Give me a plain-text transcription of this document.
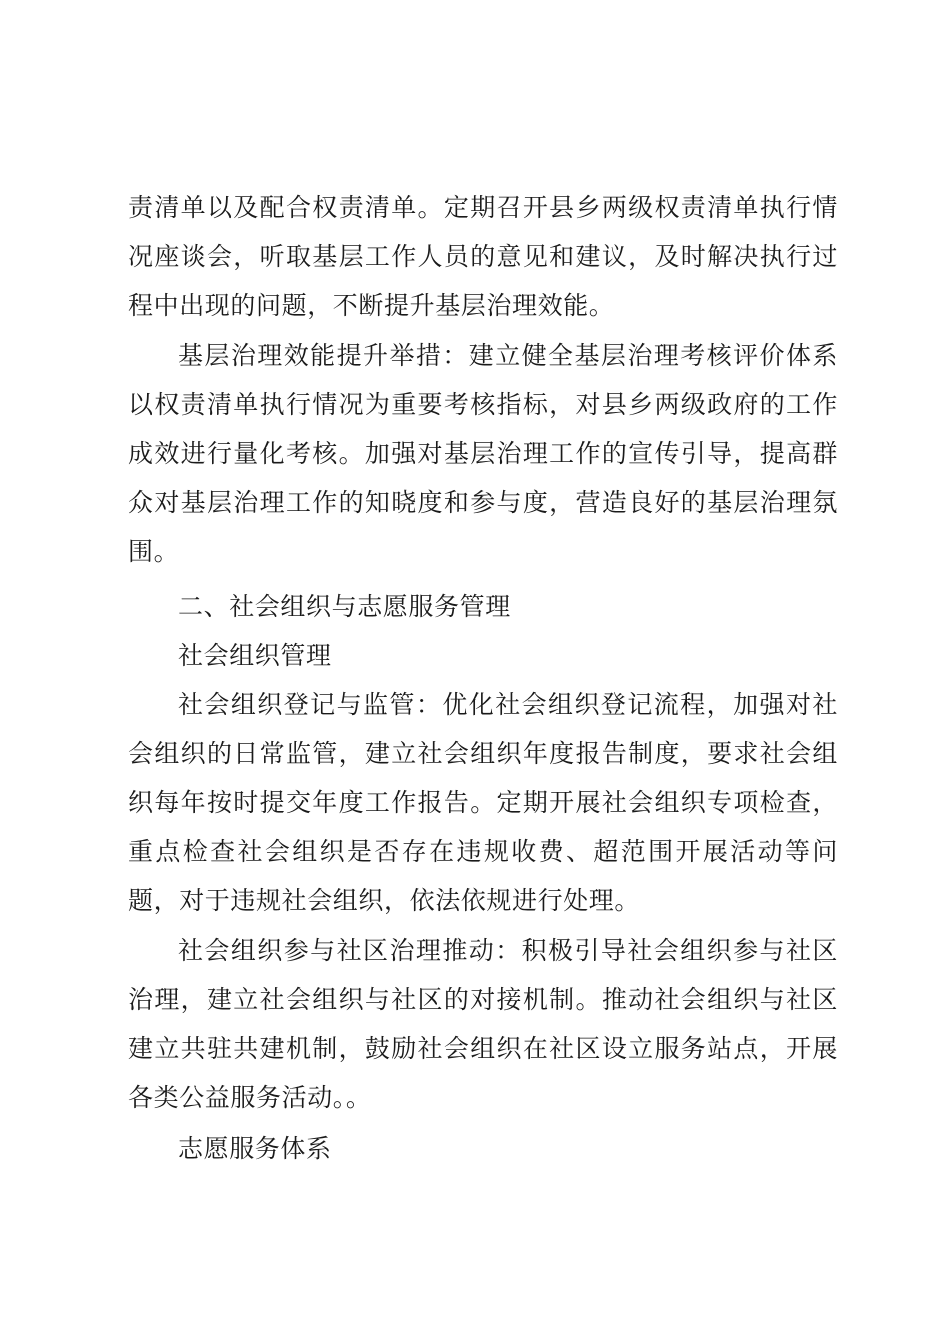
责清单以及配合权责清单。定期召开县乡两级权责清单执行情况座谈会，听取基层工作人员的意见和建议，及时解决执行过程中出现的问题，不断提升基层治理效能。

基层治理效能提升举措：建立健全基层治理考核评价体系以权责清单执行情况为重要考核指标，对县乡两级政府的工作成效进行量化考核。加强对基层治理工作的宣传引导，提高群众对基层治理工作的知晓度和参与度，营造良好的基层治理氛围。

二、社会组织与志愿服务管理

社会组织管理

社会组织登记与监管：优化社会组织登记流程，加强对社会组织的日常监管，建立社会组织年度报告制度，要求社会组织每年按时提交年度工作报告。定期开展社会组织专项检查，重点检查社会组织是否存在违规收费、超范围开展活动等问题，对于违规社会组织，依法依规进行处理。

社会组织参与社区治理推动：积极引导社会组织参与社区治理，建立社会组织与社区的对接机制。推动社会组织与社区建立共驻共建机制，鼓励社会组织在社区设立服务站点，开展各类公益服务活动。。

志愿服务体系
